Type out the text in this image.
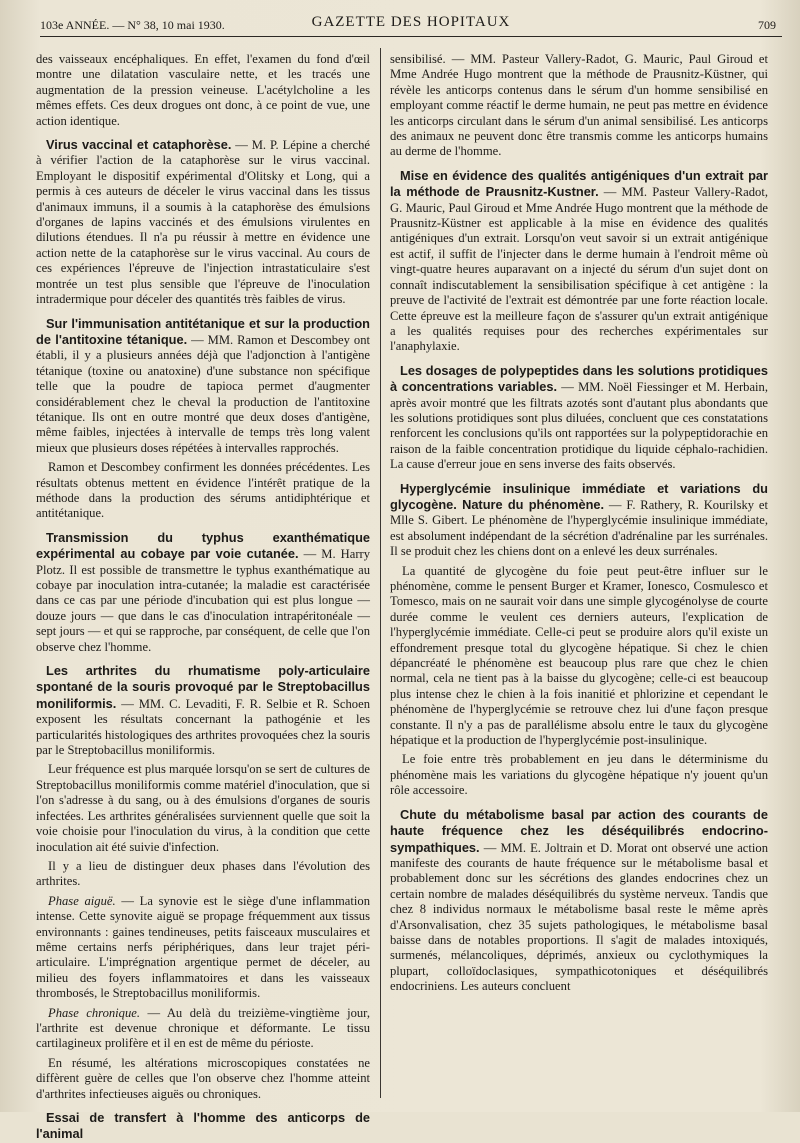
103e ANNÉE. — N° 38, 10 mai 1930.	GAZETTE DES HOPITAUX	709

des vaisseaux encéphaliques. En effet, l'examen du fond d'œil montre une dilatation vasculaire nette, et les tracés une augmentation de la pression veineuse. L'acétylcholine a les mêmes effets. Ces deux drogues ont donc, à ce point de vue, une action identique.

Virus vaccinal et cataphorèse. — M. P. Lépine a cherché à vérifier l'action de la cataphorèse sur le virus vaccinal. Employant le dispositif expérimental d'Olitsky et Long, qui a permis à ces auteurs de déceler le virus vaccinal dans les tissus d'animaux immuns, il a soumis à la cataphorèse des émulsions d'organes de lapins vaccinés et des émulsions virulentes en dilutions étendues. Il n'a pu réussir à mettre en évidence une action nette de la cataphorèse sur le virus vaccinal. Au cours de ces expériences l'épreuve de l'injection intrastaticulaire s'est montrée un test plus sensible que l'épreuve de l'inoculation intradermique pour déceler des quantités très faibles de virus.

Sur l'immunisation antitétanique et sur la production de l'antitoxine tétanique. — MM. Ramon et Descombey ont établi, il y a plusieurs années déjà que l'adjonction à l'antigène tétanique (toxine ou anatoxine) d'une substance non spécifique telle que la poudre de tapioca permet d'augmenter considérablement chez le cheval la production de l'antitoxine tétanique. Ils ont en outre montré que deux doses d'antigène, même faibles, injectées à intervalle de temps très long valent mieux que plusieurs doses répétées à intervalles rapprochés.

Ramon et Descombey confirment les données précédentes. Les résultats obtenus mettent en évidence l'intérêt pratique de la méthode dans la production des sérums antidiphtérique et antitétanique.

Transmission du typhus exanthématique expérimental au cobaye par voie cutanée. — M. Harry Plotz. Il est possible de transmettre le typhus exanthématique au cobaye par inoculation intra-cutanée; la maladie est caractérisée dans ce cas par une période d'incubation qui est plus longue — douze jours — que dans le cas d'inoculation intrapéritonéale — sept jours — et qui se rapproche, par conséquent, de celle que l'on observe chez l'homme.

Les arthrites du rhumatisme poly-articulaire spontané de la souris provoqué par le Streptobacillus moniliformis. — MM. C. Levaditi, F. R. Selbie et R. Schoen exposent les résultats concernant la pathogénie et les particularités histologiques des arthrites provoquées chez la souris par le Streptobacillus moniliformis.

Leur fréquence est plus marquée lorsqu'on se sert de cultures de Streptobacillus moniliformis comme matériel d'inoculation, que si l'on s'adresse à du sang, ou à des émulsions d'organes de souris infectées. Les arthrites généralisées surviennent quelle que soit la voie choisie pour l'inoculation du virus, à la condition que cette inoculation ait été suivie d'infection.

Il y a lieu de distinguer deux phases dans l'évolution des arthrites.

Phase aiguë. — La synovie est le siège d'une inflammation intense. Cette synovite aiguë se propage fréquemment aux tissus environnants : gaines tendineuses, petits faisceaux musculaires et même certains nerfs périphériques, dans leur trajet péri-articulaire. L'imprégnation argentique permet de déceler, au milieu des foyers inflammatoires et dans les vaisseaux thrombosés, le Streptobacillus moniliformis.

Phase chronique. — Au delà du treizième-vingtième jour, l'arthrite est devenue chronique et déformante. Le tissu cartilagineux prolifère et il en est de même du périoste.

En résumé, les altérations microscopiques constatées ne diffèrent guère de celles que l'on observe chez l'homme atteint d'arthrites infectieuses aiguës ou chroniques.

Essai de transfert à l'homme des anticorps de l'animal

sensibilisé. — MM. Pasteur Vallery-Radot, G. Mauric, Paul Giroud et Mme Andrée Hugo montrent que la méthode de Prausnitz-Küstner, qui révèle les anticorps contenus dans le sérum d'un homme sensibilisé en employant comme réactif le derme humain, ne peut pas mettre en évidence les anticorps circulant dans le sérum d'un animal sensibilisé. Les anticorps des animaux ne peuvent donc être transmis comme les anticorps humains au derme de l'homme.

Mise en évidence des qualités antigéniques d'un extrait par la méthode de Prausnitz-Kustner. — MM. Pasteur Vallery-Radot, G. Mauric, Paul Giroud et Mme Andrée Hugo montrent que la méthode de Prausnitz-Küstner est applicable à la mise en évidence des qualités antigéniques d'un extrait. Lorsqu'on veut savoir si un extrait antigénique est actif, il suffit de l'injecter dans le derme humain à l'endroit même où vingt-quatre heures auparavant on a injecté du sérum d'un sujet dont on connaît indiscutablement la sensibilisation spécifique à cet antigène : la preuve de l'activité de l'extrait est démontrée par une forte réaction locale. Cette épreuve est la meilleure façon de s'assurer qu'un extrait antigénique a les qualités requises pour des recherches expérimentales sur l'anaphylaxie.

Les dosages de polypeptides dans les solutions protidiques à concentrations variables. — MM. Noël Fiessinger et M. Herbain, après avoir montré que les filtrats azotés sont d'autant plus abondants que les solutions protidiques sont plus diluées, concluent que ces constatations renforcent les conclusions qu'ils ont rapportées sur la polypeptidorachie en raison de la faible concentration protidique du liquide céphalo-rachidien. La cause d'erreur joue en sens inverse des faits observés.

Hyperglycémie insulinique immédiate et variations du glycogène. Nature du phénomène. — F. Rathery, R. Kourilsky et Mlle S. Gibert. Le phénomène de l'hyperglycémie insulinique immédiate, est absolument indépendant de la sécrétion d'adrénaline par les surrénales. Il se produit chez les chiens dont on a enlevé les deux surrénales.

La quantité de glycogène du foie peut peut-être influer sur le phénomène, comme le pensent Burger et Kramer, Ionesco, Cosmulesco et Tomesco, mais on ne saurait voir dans une simple glycogénolyse de courte durée comme le veulent ces derniers auteurs, l'explication de l'hyperglycémie immédiate. Celle-ci peut se produire alors qu'il existe un effondrement presque total du glycogène hépatique. Si chez le chien dépancréaté le phénomène est beaucoup plus rare que chez le chien normal, cela ne tient pas à la baisse du glycogène; celle-ci est beaucoup plus intense chez le chien à la fois inanitié et phlorizine et cependant le phénomène de l'hyperglycémie se retrouve chez lui d'une façon presque constante. Il n'y a pas de parallélisme absolu entre le taux du glycogène hépatique et la production de l'hyperglycémie post-insulinique.

Le foie entre très probablement en jeu dans le déterminisme du phénomène mais les variations du glycogène hépatique n'y jouent qu'un rôle accessoire.

Chute du métabolisme basal par action des courants de haute fréquence chez les déséquilibrés endocrino-sympathiques. — MM. E. Joltrain et D. Morat ont observé une action manifeste des courants de haute fréquence sur le métabolisme basal et probablement donc sur les sécrétions des glandes endocrines chez un certain nombre de malades déséquilibrés du système nerveux. Tandis que chez 8 individus normaux le métabolisme basal reste le même après d'Arsonvalisation, chez 35 sujets pathologiques, le métabolisme basal baisse dans de notables proportions. Il s'agit de malades intoxiqués, surmenés, mélancoliques, déprimés, anxieux ou cyclothymiques la plupart, colloïdoclasiques, sympathicotoniques et déséquilibrés endocriniens. Les auteurs concluent
